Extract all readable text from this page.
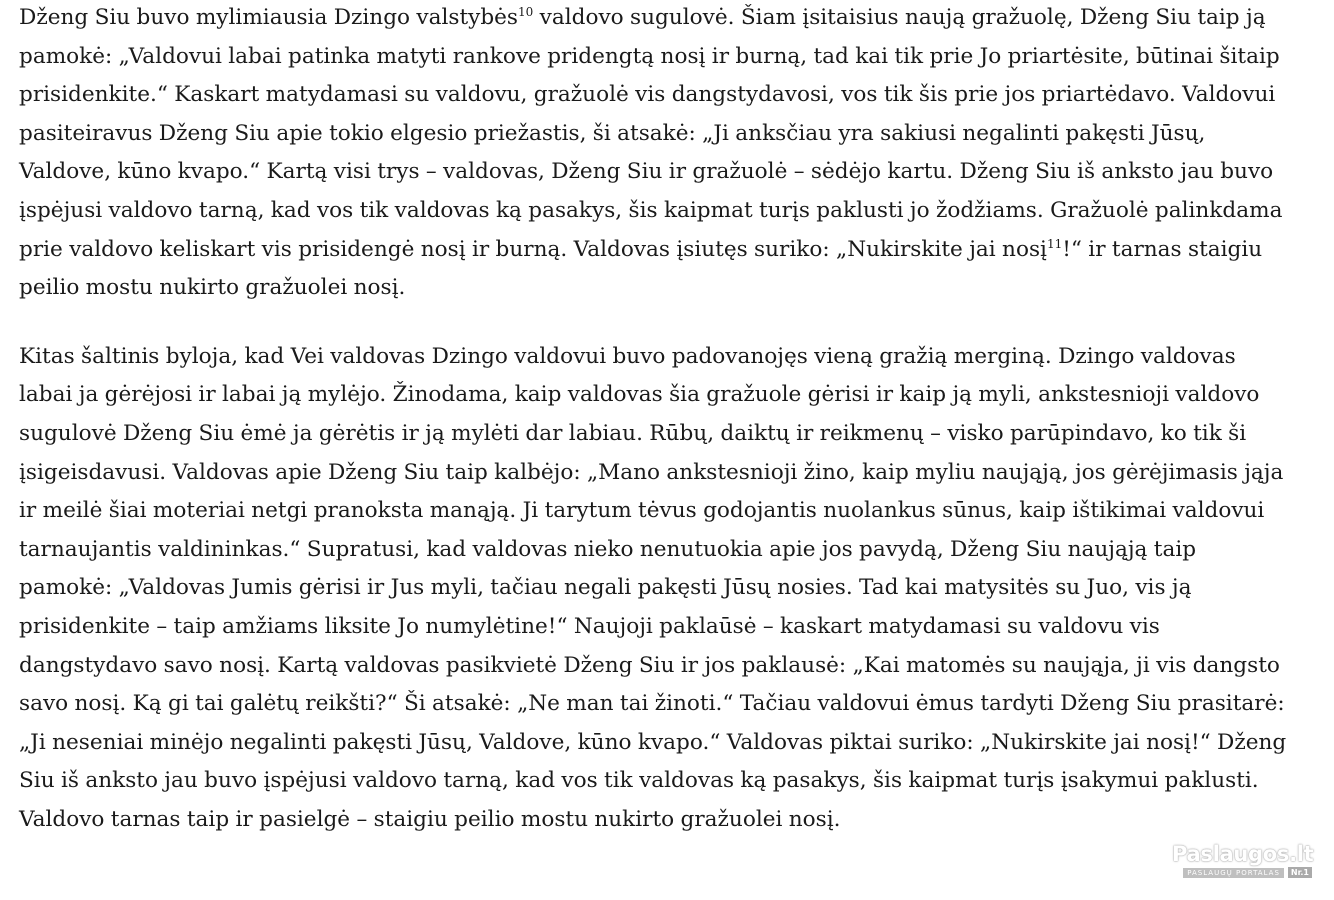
Dženg Siu buvo mylimiausia Dzingo valstybės$^{10}$ valdovo sugulovė. Šiam įsitaisius naują gražuolę, Dženg Siu taip ją pamokė: „Valdovui labai patinka matyti rankove pridengtą nosį ir burną, tad kai tik prie Jo priartėsite, būtinai šitaip prisidenkite.“ Kaskart matydamasi su valdovu, gražuolė vis dangstydavosi, vos tik šis prie jos priartėdavo. Valdovui pasiteiravus Dženg Siu apie tokio elgesio priežastis, ši atsakė: „Ji anksčiau yra sakiusi negalinti pakęsti Jūsų, Valdove, kūno kvapo.“ Kartą visi trys – valdovas, Dženg Siu ir gražuolė – sėdėjo kartu. Dženg Siu iš anksto jau buvo įspėjusi valdovo tarną, kad vos tik valdovas ką pasakys, šis kaipmat turįs paklusti jo žodžiams. Gražuolė palinkdama prie valdovo keliskart vis prisidengė nosį ir burną. Valdovas įsiutęs suriko: „Nukirskite jai nosį$^{11}$!“ ir tarnas staigiu peilio mostu nukirto gražuolei nosį.

Kitas šaltinis byloja, kad Vei valdovas Dzingo valdovui buvo padovanojęs vieną gražią merginą. Dzingo valdovas labai ja gėrėjosi ir labai ją mylėjo. Žinodama, kaip valdovas šia gražuole gėrisi ir kaip ją myli, ankstesnioji valdovo sugulovė Dženg Siu ėmė ja gėrėtis ir ją mylėti dar labiau. Rūbų, daiktų ir reikmenų – visko parūpindavo, ko tik ši įsigeisdavusi. Valdovas apie Dženg Siu taip kalbėjo: „Mano ankstesnioji žino, kaip myliu naująją, jos gėrėjimasis jąja ir meilė šiai moteriai netgi pranoksta manąją. Ji tarytum tėvus godojantis nuolankus sūnus, kaip ištikimai valdovui tarnaujantis valdininkas.“ Supratusi, kad valdovas nieko nenutuokia apie jos pavydą, Dženg Siu naująją taip pamokė: „Valdovas Jumis gėrisi ir Jus myli, tačiau negali pakęsti Jūsų nosies. Tad kai matysitės su Juo, vis ją prisidenkite – taip amžiams liksite Jo numylėtine!“ Naujoji paklaūsė – kaskart matydamasi su valdovu vis dangstydavo savo nosį. Kartą valdovas pasikvietė Dženg Siu ir jos paklausė: „Kai matomės su naująja, ji vis dangsto savo nosį. Ką gi tai galėtų reikšti?“ Ši atsakė: „Ne man tai žinoti.“ Tačiau valdovui ėmus tardyti Dženg Siu prasitarė: „Ji neseniai minėjo negalinti pakęsti Jūsų, Valdove, kūno kvapo.“ Valdovas piktai suriko: „Nukirskite jai nosį!“ Dženg Siu iš anksto jau buvo įspėjusi valdovo tarną, kad vos tik valdovas ką pasakys, šis kaipmat turįs įsakymui paklusti. Valdovo tarnas taip ir pasielgė – staigiu peilio mostu nukirto gražuolei nosį.

Paslaugos.lt
PASLAUGŲ PORTALAS	Nr.1
